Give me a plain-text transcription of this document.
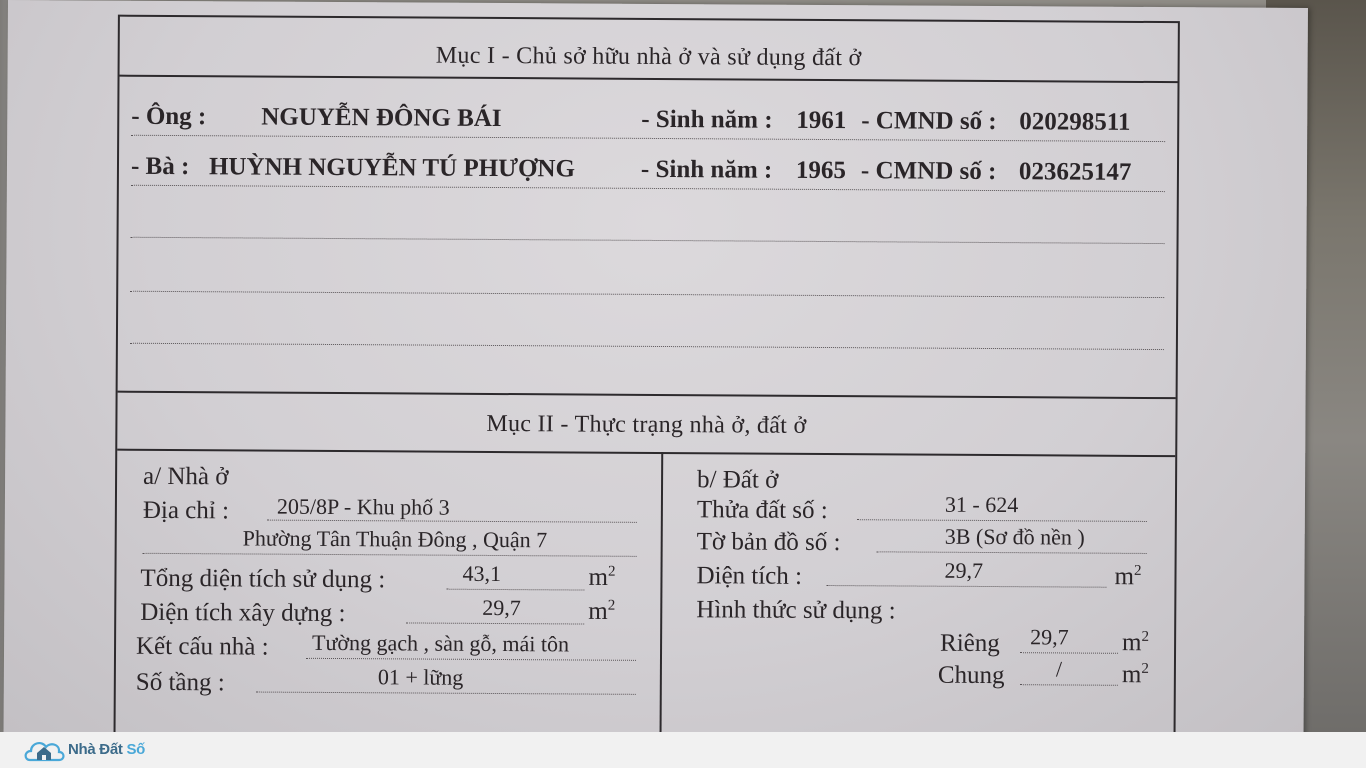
Mục I - Chủ sở hữu nhà ở và sử dụng đất ở
- Ông : NGUYỄN ĐÔNG BÁI	- Sinh năm : 1961 - CMND số : 020298511
- Bà : HUỲNH NGUYỄN TÚ PHƯỢNG	- Sinh năm : 1965 - CMND số : 023625147
Mục II - Thực trạng nhà ở, đất ở
a/ Nhà ở
Địa chỉ : 205/8P - Khu phố 3
Phường Tân Thuận Đông , Quận 7
Tổng diện tích sử dụng :	43,1	$m^2$
Diện tích xây dựng :	29,7	$m^2$
Kết cấu nhà : Tường gạch , sàn gỗ, mái tôn
Số tầng :	01 + lững
b/ Đất ở
Thửa đất số :	31 - 624
Tờ bản đồ số :	3B (Sơ đồ nền )
Diện tích :	29,7	$m^2$
Hình thức sử dụng :
Riêng 29,7 $m^2$
Chung / $m^2$
Nhà Đất Số
